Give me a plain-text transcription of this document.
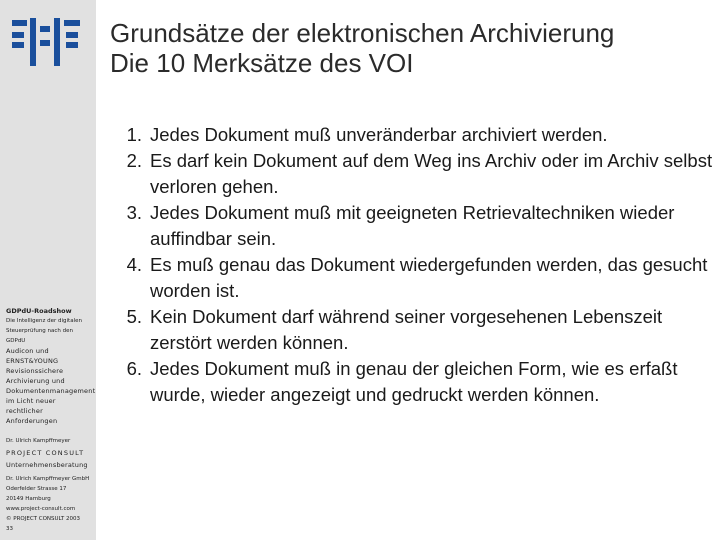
GDPdU-Roadshow
Die Intelligenz der digitalen Steuerprüfung nach den GDPdU
Audicon und ERNST&YOUNG
Revisionssichere Archivierung und Dokumentenmanagement im Licht neuer rechtlicher Anforderungen
Dr. Ulrich Kampffmeyer
PROJECT CONSULT
Unternehmensberatung
Dr. Ulrich Kampffmeyer GmbH
Oderfelder Strasse 17
20149 Hamburg
www.project-consult.com
© PROJECT CONSULT 2003
33
Grundsätze der elektronischen Archivierung
Die 10 Merksätze des VOI
1. Jedes Dokument muß unveränderbar archiviert werden.
2. Es darf kein Dokument auf dem Weg ins Archiv oder im Archiv selbst verloren gehen.
3. Jedes Dokument muß mit geeigneten Retrievaltechniken wieder auffindbar sein.
4. Es muß genau das Dokument wiedergefunden werden, das gesucht worden ist.
5. Kein Dokument darf während seiner vorgesehenen Lebenszeit zerstört werden können.
6. Jedes Dokument muß in genau der gleichen Form, wie es erfaßt wurde, wieder angezeigt und gedruckt werden können.
